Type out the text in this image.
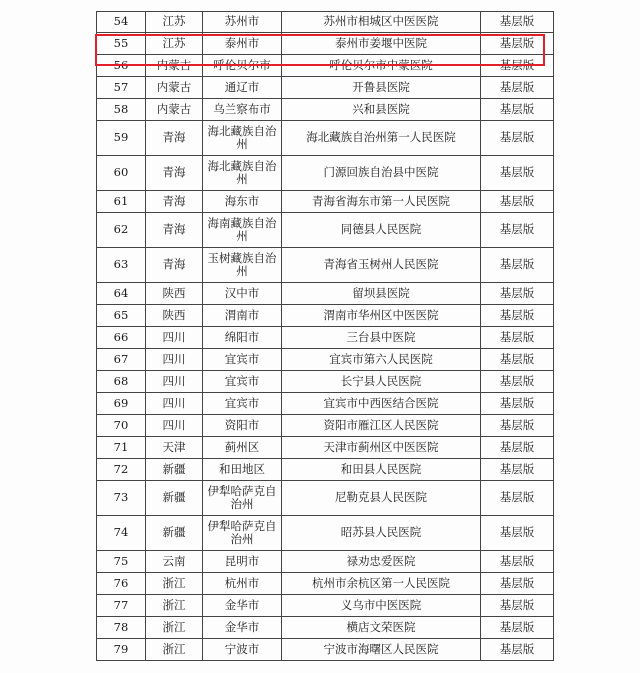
54	江苏	苏州市	苏州市相城区中医医院	基层版
55	江苏	泰州市	泰州市姜堰中医院	基层版
56	内蒙古	呼伦贝尔市	呼伦贝尔市中蒙医院	基层版
57	内蒙古	通辽市	开鲁县医院	基层版
58	内蒙古	乌兰察布市	兴和县医院	基层版
59	青海	海北藏族自治州	海北藏族自治州第一人民医院	基层版
60	青海	海北藏族自治州	门源回族自治县中医院	基层版
61	青海	海东市	青海省海东市第一人民医院	基层版
62	青海	海南藏族自治州	同德县人民医院	基层版
63	青海	玉树藏族自治州	青海省玉树州人民医院	基层版
64	陕西	汉中市	留坝县医院	基层版
65	陕西	渭南市	渭南市华州区中医医院	基层版
66	四川	绵阳市	三台县中医院	基层版
67	四川	宜宾市	宜宾市第六人民医院	基层版
68	四川	宜宾市	长宁县人民医院	基层版
69	四川	宜宾市	宜宾市中西医结合医院	基层版
70	四川	资阳市	资阳市雁江区人民医院	基层版
71	天津	蓟州区	天津市蓟州区中医医院	基层版
72	新疆	和田地区	和田县人民医院	基层版
73	新疆	伊犁哈萨克自治州	尼勒克县人民医院	基层版
74	新疆	伊犁哈萨克自治州	昭苏县人民医院	基层版
75	云南	昆明市	禄劝忠爱医院	基层版
76	浙江	杭州市	杭州市余杭区第一人民医院	基层版
77	浙江	金华市	义乌市中医医院	基层版
78	浙江	金华市	横店文荣医院	基层版
79	浙江	宁波市	宁波市海曙区人民医院	基层版
